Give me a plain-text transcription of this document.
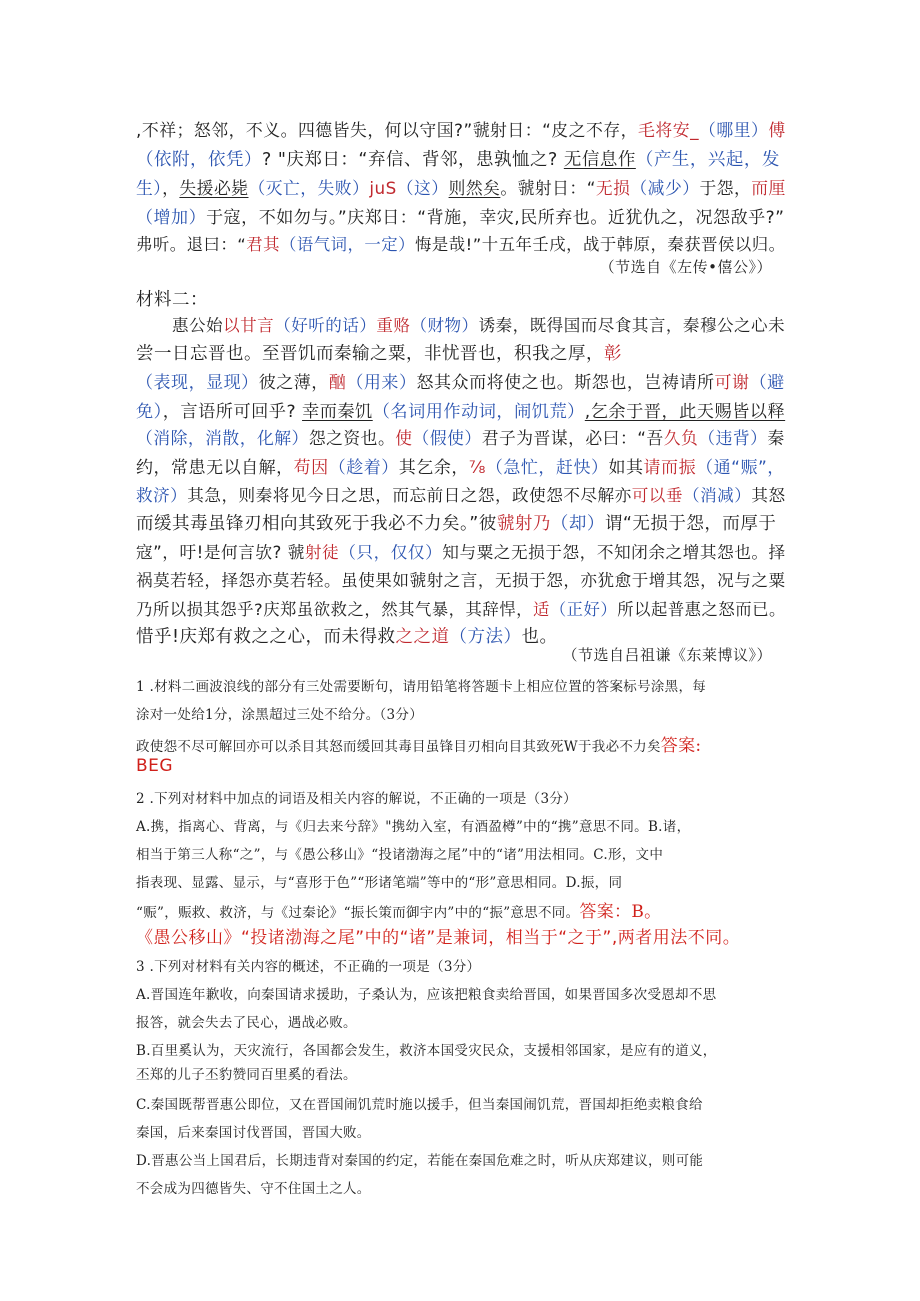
,不祥；怒邻，不义。四德皆失，何以守国?”虢射日：“皮之不存，毛将安_（哪里）傅
（依附，依凭）? "庆郑日：“弃信、背邻，患孰恤之? 无信息作（产生，兴起，发
生），失援必毙（灭亡，失败）juS（这）则然矣。虢射日：“无损（减少）于怨，而厘
（增加）于寇，不如勿与。”庆郑日：“背施，幸灾,民所弃也。近犹仇之，况怨敌乎?”
弗听。退曰：“君其（语气词，一定）悔是哉!”十五年壬戌，战于韩原，秦获晋侯以归。
（节选自《左传•僖公》）
材料二：
惠公始以甘言（好听的话）重赂（财物）诱秦，既得国而尽食其言，秦穆公之心未
尝一日忘晋也。至晋饥而秦输之粟，非忧晋也，积我之厚，彰
（表现，显现）彼之薄，酗（用来）怒其众而将使之也。斯怨也，岂祷请所可谢（避
免），言语所可回乎? 幸而秦饥（名词用作动词，闹饥荒）,乞余于晋，此天赐皆以释
（消除，消散，化解）怨之资也。使（假使）君子为晋谋，必曰：“吾久负（违背）秦
约，常患无以自解，苟因（趁着）其乞余，⅞（急忙，赶快）如其请而振（通“赈”，
救济）其急，则秦将见今日之思，而忘前日之怨，政使怨不尽解亦可以垂（消减）其怒
而缓其毒虽锋刃相向其致死于我必不力矣。”彼虢射乃（却）谓“无损于怨，而厚于
寇”，吁!是何言欤? 虢射徒（只，仅仅）知与粟之无损于怨，不知闭余之增其怨也。择
祸莫若轻，择怨亦莫若轻。虽使果如虢射之言，无损于怨，亦犹愈于增其怨，况与之粟
乃所以损其怨乎?庆郑虽欲救之，然其气暴，其辞悍，适（正好）所以起普惠之怒而已。
惜乎!庆郑有救之之心，而未得救之之道（方法）也。
（节选自吕祖谦《东莱博议》）
1 .材料二画波浪线的部分有三处需要断句，请用铅笔将答题卡上相应位置的答案标号涂黑，每
涂对一处给1分，涂黑超过三处不给分。（3分）
政使怨不尽可解回亦可以杀目其怒而缓回其毒目虽锋目刃相向目其致死W于我必不力矣答案:
BEG
2 .下列对材料中加点的词语及相关内容的解说，不正确的一项是（3分）
A.携，指离心、背离，与《归去来兮辞》"携幼入室，有酒盈樽”中的“携”意思不同。B.诸，
相当于第三人称“之”，与《愚公移山》“投诸渤海之尾”中的“诸”用法相同。C.形，文中
指表现、显露、显示，与“喜形于色”“形诸笔端”等中的“形”意思相同。D.振，同
“赈”，赈救、救济，与《过秦论》“振长策而御宇内”中的“振”意思不同。答案：B。
《愚公移山》“投诸渤海之尾”中的“诸”是兼词，相当于“之于”,两者用法不同。
3 .下列对材料有关内容的概述，不正确的一项是（3分）
A.晋国连年歉收，向秦国请求援助，子桑认为，应该把粮食卖给晋国，如果晋国多次受恩却不思
报答，就会失去了民心，遇战必败。
B.百里奚认为，天灾流行，各国都会发生，救济本国受灾民众，支援相邻国家，是应有的道义，
丕郑的儿子丕豹赞同百里奚的看法。
C.秦国既帮晋惠公即位，又在晋国闹饥荒时施以援手，但当秦国闹饥荒，晋国却拒绝卖粮食给
秦国，后来秦国讨伐晋国，晋国大败。
D.晋惠公当上国君后，长期违背对秦国的约定，若能在秦国危难之时，听从庆郑建议，则可能
不会成为四德皆失、守不住国土之人。
